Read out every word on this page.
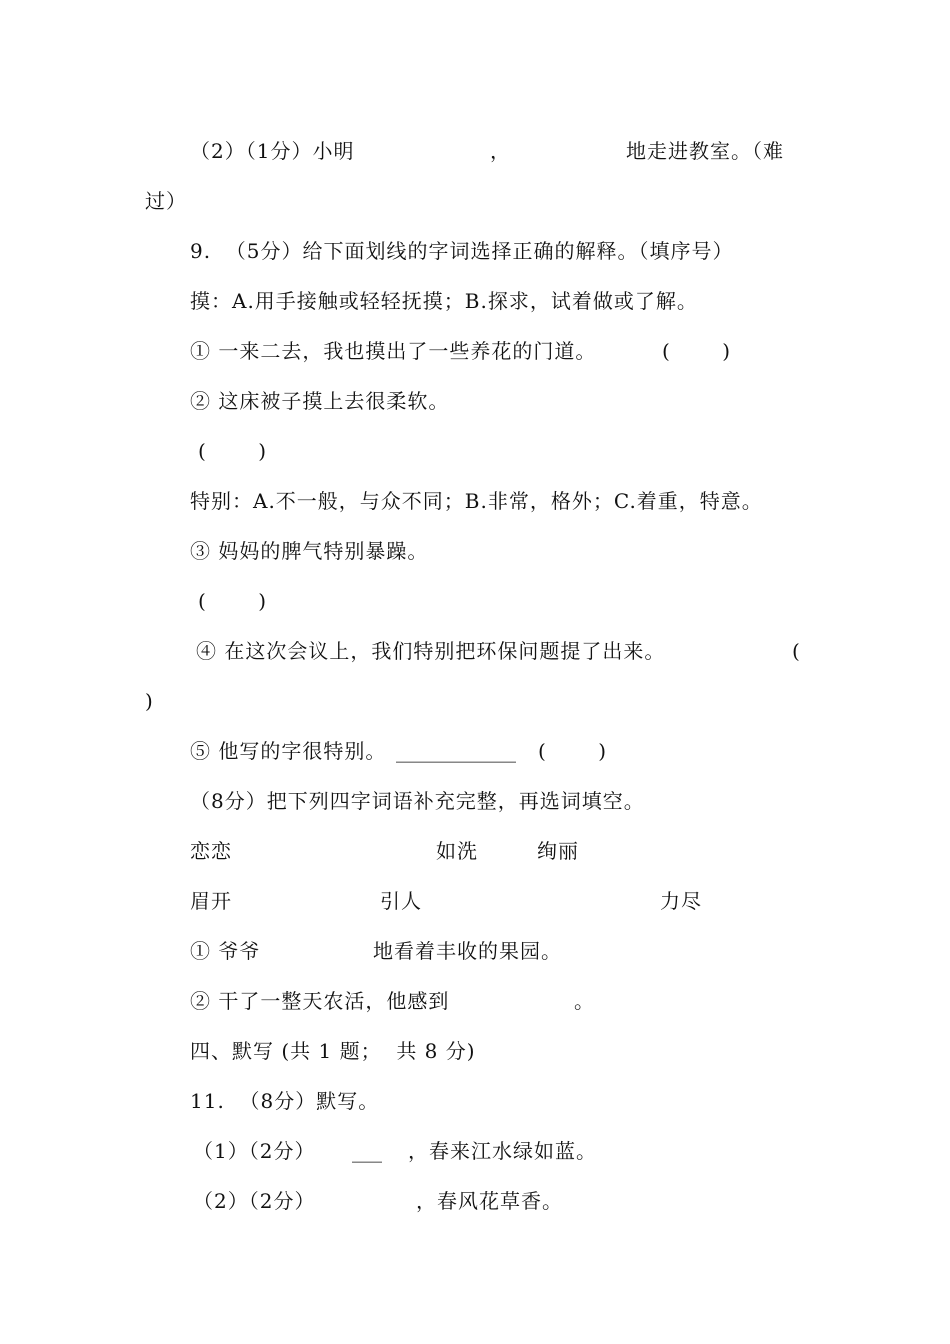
（2）（1分）小明	，	地走进教室。（难
过）
9.  （5分）给下面划线的字词选择正确的解释。（填序号）
摸：A.用手接触或轻轻抚摸；B.探求，试着做或了解。
① 一来二去，我也摸出了一些养花的门道。	(       )
② 这床被子摸上去很柔软。
(       )
特别：A.不一般，与众不同；B.非常，格外；C.着重，特意。
③ 妈妈的脾气特别暴躁。
(       )
④ 在这次会议上，我们特别把环保问题提了出来。	(
)
⑤ 他写的字很特别。 ____________ (       )
（8分）把下列四字词语补充完整，再选词填空。
恋恋	如洗	绚丽
眉开	引人	力尽
① 爷爷	地看着丰收的果园。
② 干了一整天农活，他感到	。
四、默写 (共 1 题；  共 8 分)
11.  （8分）默写。
（1）（2分） ___ ，春来江水绿如蓝。
（2）（2分）	，春风花草香。
